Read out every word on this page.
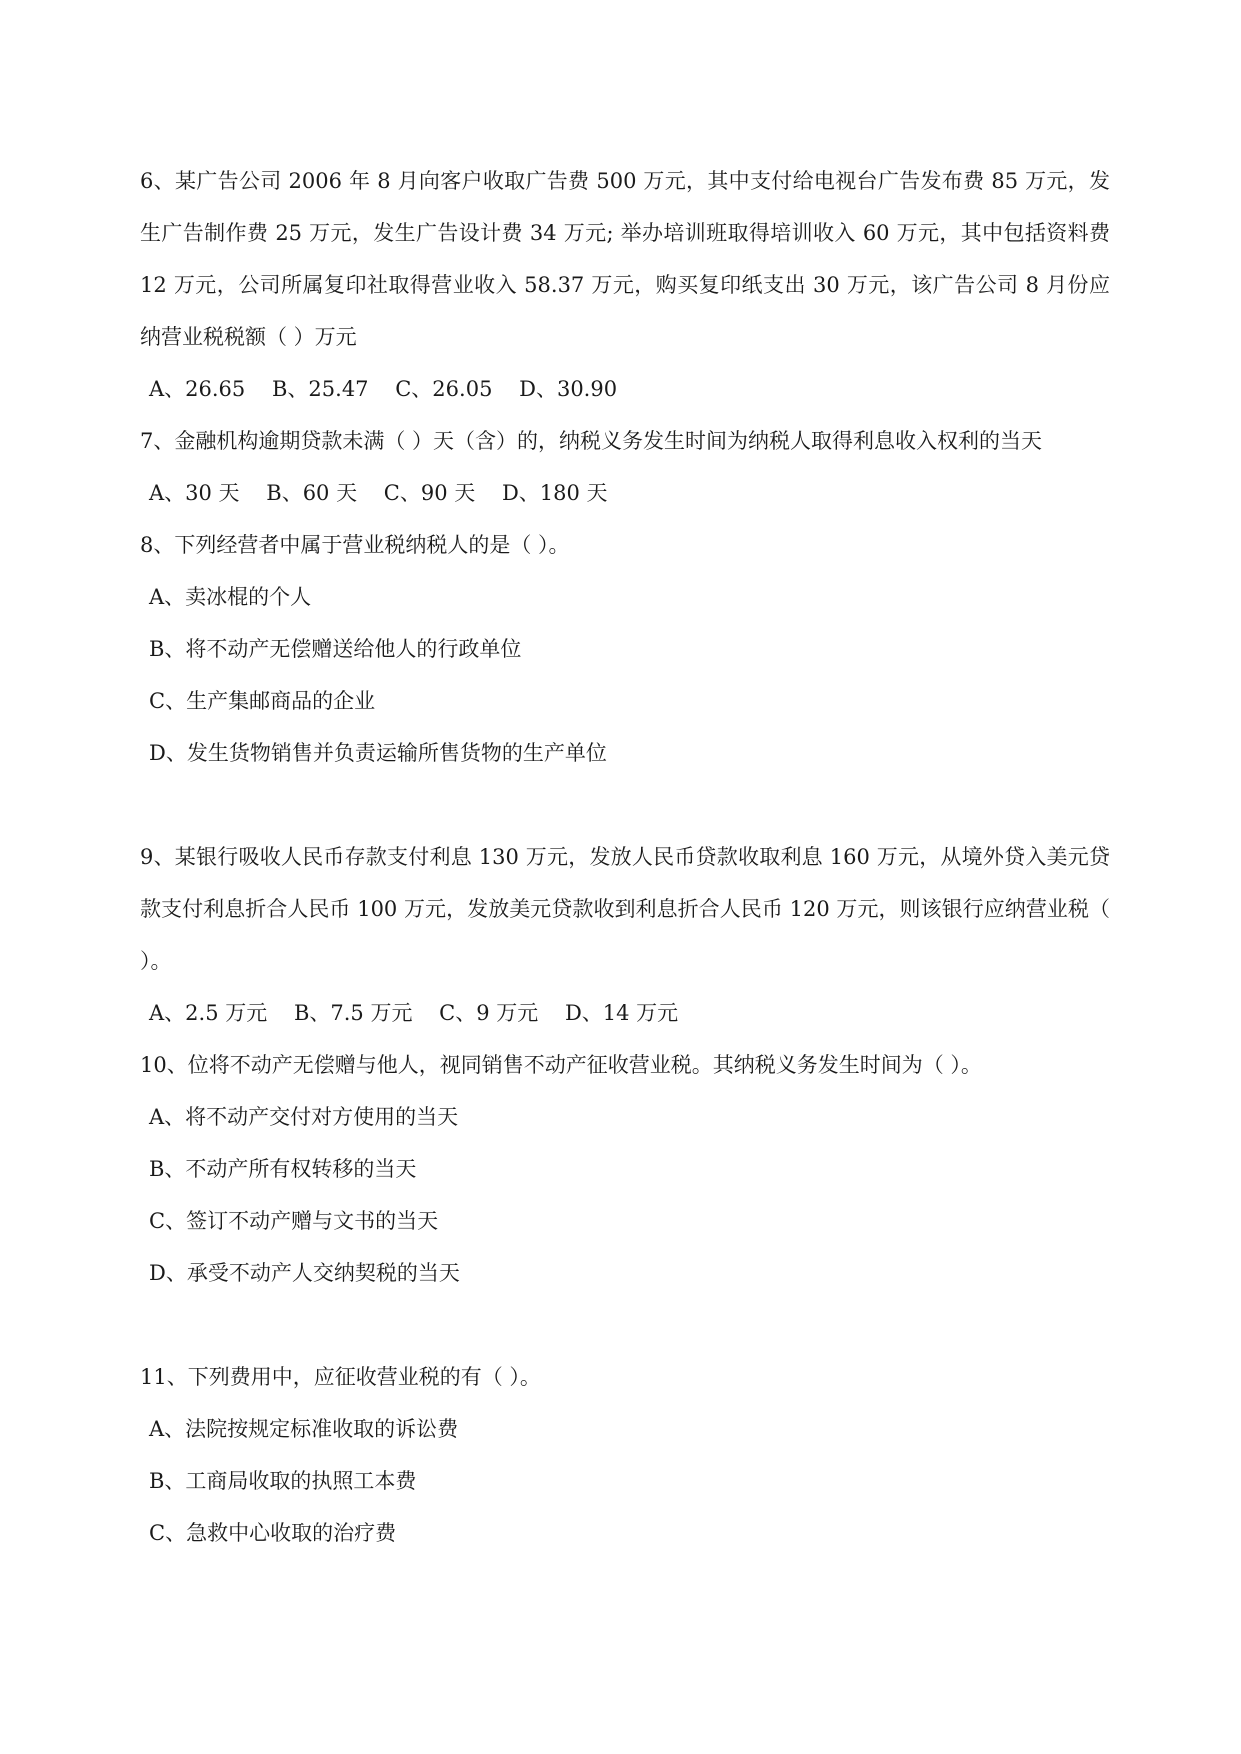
6、某广告公司 2006 年 8 月向客户收取广告费 500 万元，其中支付给电视台广告发布费 85 万元，发生广告制作费 25 万元，发生广告设计费 34 万元; 举办培训班取得培训收入 60 万元，其中包括资料费 12 万元，公司所属复印社取得营业收入 58.37 万元，购买复印纸支出 30 万元，该广告公司 8 月份应纳营业税税额（ ）万元

A、26.65    B、25.47    C、26.05    D、30.90

7、金融机构逾期贷款未满（ ）天（含）的，纳税义务发生时间为纳税人取得利息收入权利的当天

A、30 天    B、60 天    C、90 天    D、180 天

8、下列经营者中属于营业税纳税人的是（ ）。

A、卖冰棍的个人

B、将不动产无偿赠送给他人的行政单位

C、生产集邮商品的企业

D、发生货物销售并负责运输所售货物的生产单位

9、某银行吸收人民币存款支付利息 130 万元，发放人民币贷款收取利息 160 万元，从境外贷入美元贷款支付利息折合人民币 100 万元，发放美元贷款收到利息折合人民币 120 万元，则该银行应纳营业税（ ）。

A、2.5 万元    B、7.5 万元    C、9 万元    D、14 万元

10、位将不动产无偿赠与他人，视同销售不动产征收营业税。其纳税义务发生时间为（ ）。

A、将不动产交付对方使用的当天

B、不动产所有权转移的当天

C、签订不动产赠与文书的当天

D、承受不动产人交纳契税的当天

11、下列费用中，应征收营业税的有（ ）。

A、法院按规定标准收取的诉讼费

B、工商局收取的执照工本费

C、急救中心收取的治疗费
